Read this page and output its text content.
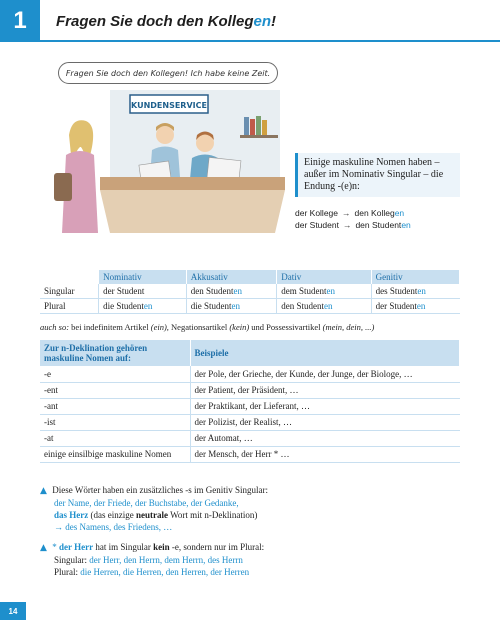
1	Fragen Sie doch den Kollegen!
KUNDENSERVICE
Fragen Sie doch den Kollegen! Ich habe keine Zeit.
Einige maskuline Nomen haben – außer im Nominativ Singular – die Endung -(e)n:
der Kollege → den Kollegen
der Student → den Studenten
	Nominativ	Akkusativ	Dativ	Genitiv
Singular	der Student	den Studenten	dem Studenten	des Studenten
Plural	die Studenten	die Studenten	den Studenten	der Studenten
auch so: bei indefinitem Artikel (ein), Negationsartikel (kein) und Possessivartikel (mein, dein, ...)
Zur n-Deklination gehören maskuline Nomen auf:	Beispiele
-e	der Pole, der Grieche, der Kunde, der Junge, der Biologe, …
-ent	der Patient, der Präsident, …
-ant	der Praktikant, der Lieferant, …
-ist	der Polizist, der Realist, …
-at	der Automat, …
einige einsilbige maskuline Nomen	der Mensch, der Herr * …
▲ Diese Wörter haben ein zusätzliches -s im Genitiv Singular:
der Name, der Friede, der Buchstabe, der Gedanke,
das Herz (das einzige neutrale Wort mit n-Deklination)
→ des Namens, des Friedens, …
▲ * der Herr hat im Singular kein -e, sondern nur im Plural:
Singular: der Herr, den Herrn, dem Herrn, des Herrn
Plural: die Herren, die Herren, den Herren, der Herren
14
